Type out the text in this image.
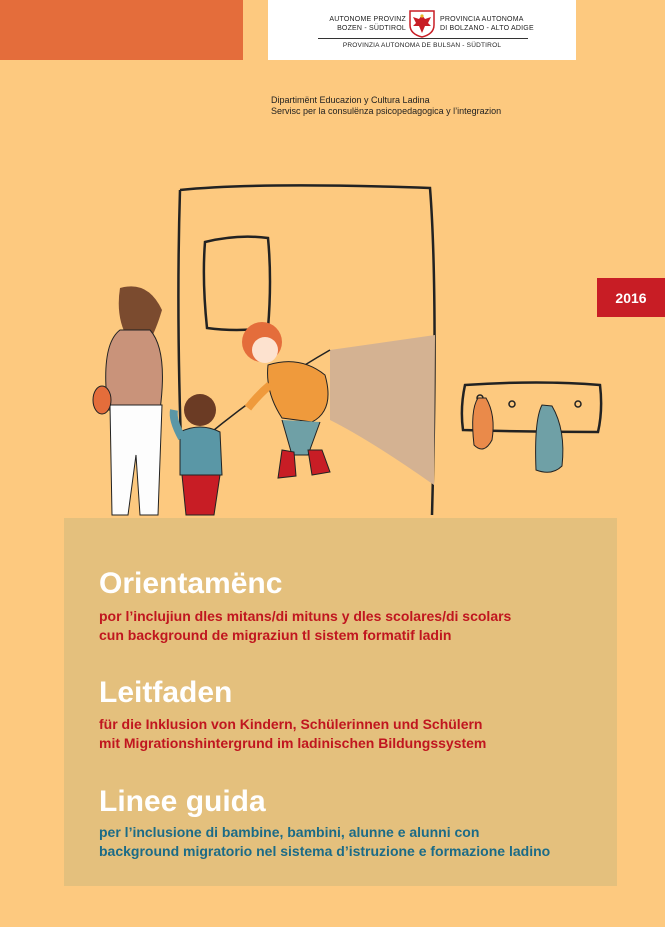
AUTONOME PROVINZ
BOZEN - SÜDTIROL
PROVINCIA AUTONOMA
DI BOLZANO - ALTO ADIGE
PROVINZIA AUTONOMA DE BULSAN - SÜDTIROL
Dipartimënt Educazion y Cultura Ladina
Servisc per la consulënza psicopedagogica y l’integrazion
2016
Orientamënc
por l’inclujiun dles mitans/di mituns y dles scolares/di scolars
cun background de migraziun tl sistem formatif ladin
Leitfaden
für die Inklusion von Kindern, Schülerinnen und Schülern
mit Migrationshintergrund im ladinischen Bildungssystem
Linee guida
per l’inclusione di bambine, bambini, alunne e alunni con
background migratorio nel sistema d’istruzione e formazione ladino
